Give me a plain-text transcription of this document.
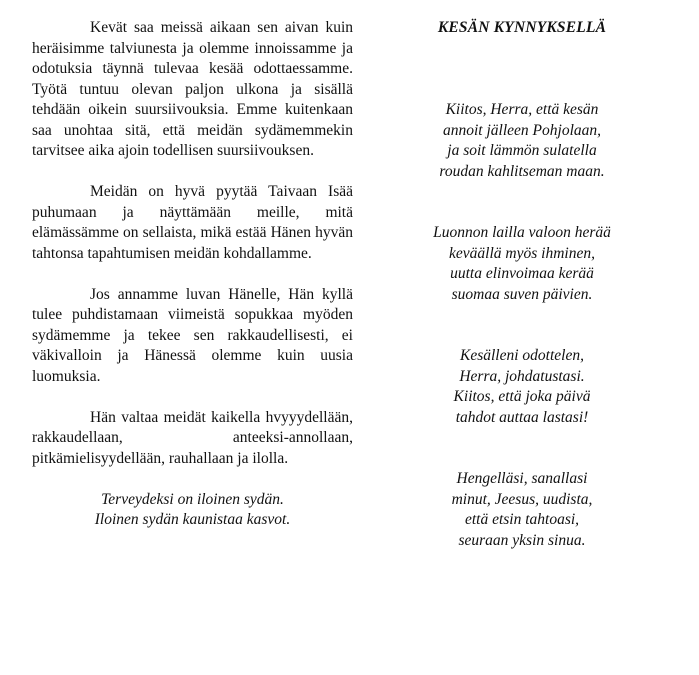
Kevät saa meissä aikaan sen aivan kuin heräisimme talviunesta ja olemme innoissamme ja odotuksia täynnä tulevaa kesää odottaessamme. Työtä tuntuu olevan paljon ulkona ja sisällä tehdään oikein suursiivouksia. Emme kuitenkaan saa unohtaa sitä, että meidän sydämemmekin tarvitsee aika ajoin todellisen suursiivouksen.

Meidän on hyvä pyytää Taivaan Isää puhumaan ja näyttämään meille, mitä elämässämme on sellaista, mikä estää Hänen hyvän tahtonsa tapahtumisen meidän kohdallamme.

Jos annamme luvan Hänelle, Hän kyllä tulee puhdistamaan viimeistä sopukkaa myöden sydämemme ja tekee sen rakkaudellisesti, ei väkivalloin ja Hänessä olemme kuin uusia luomuksia.

Hän valtaa meidät kaikella hvyyydellään, rakkaudellaan, anteeksi-annollaan, pitkämielisyydellään, rauhallaan ja ilolla.

Terveydeksi on iloinen sydän.
Iloinen sydän kaunistaa kasvot.

KESÄN KYNNYKSELLÄ

Kiitos, Herra, että kesän
annoit jälleen Pohjolaan,
ja soit lämmön sulatella
roudan kahlitseman maan.
Luonnon lailla valoon herää
keväällä myös ihminen,
uutta elinvoimaa kerää
suomaa suven päivien.
Kesälleni odottelen,
Herra, johdatustasi.
Kiitos, että joka päivä
tahdot auttaa lastasi!
Hengelläsi, sanallasi
minut, Jeesus, uudista,
että etsin tahtoasi,
seuraan yksin sinua.
